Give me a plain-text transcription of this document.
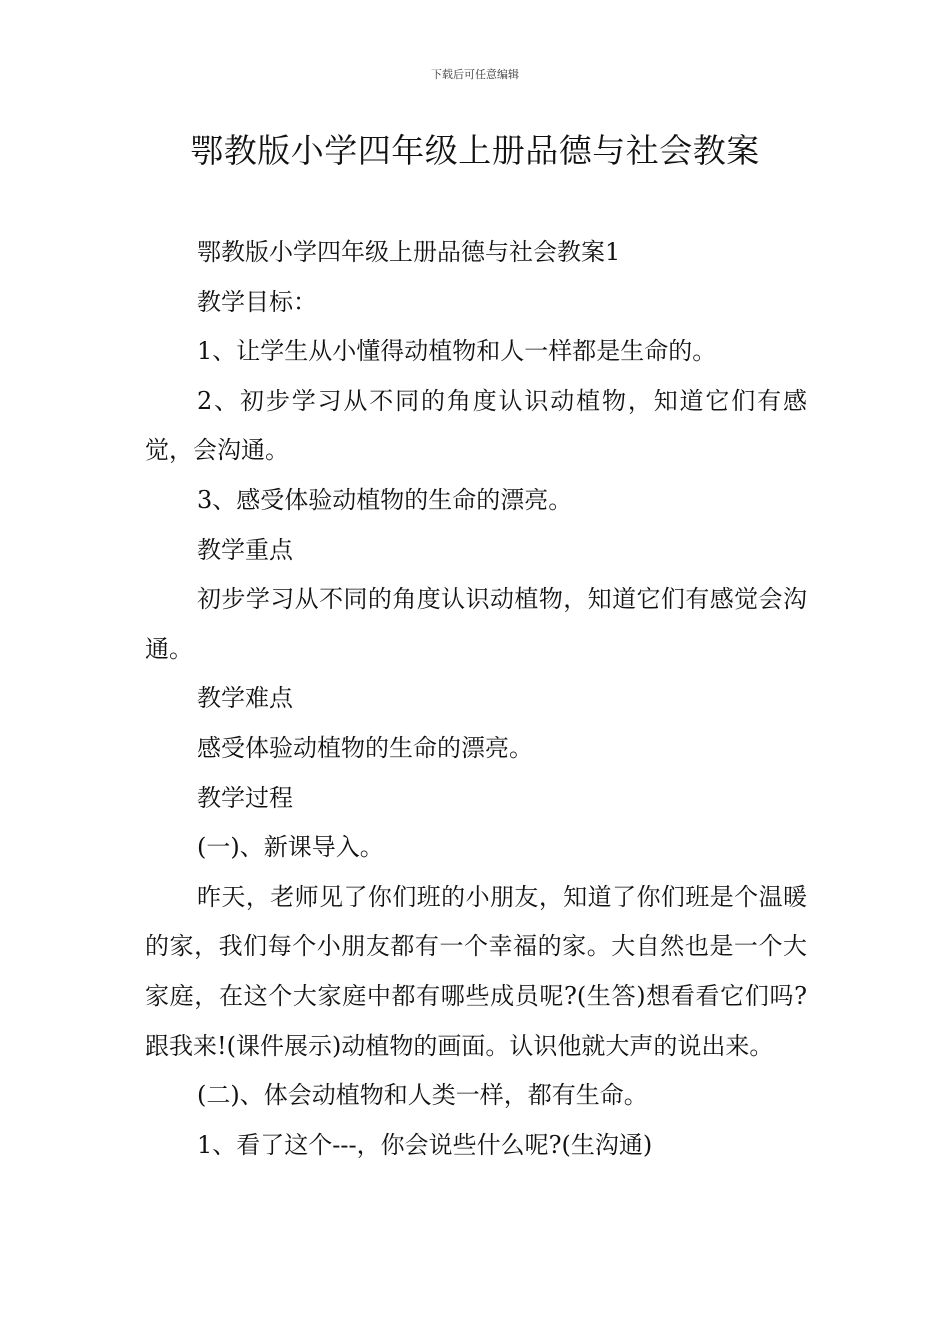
下载后可任意编辑
鄂教版小学四年级上册品德与社会教案

鄂教版小学四年级上册品德与社会教案1

教学目标：

1、让学生从小懂得动植物和人一样都是生命的。

2、初步学习从不同的角度认识动植物，知道它们有感觉，会沟通。

3、感受体验动植物的生命的漂亮。

教学重点

初步学习从不同的角度认识动植物，知道它们有感觉会沟通。

教学难点

感受体验动植物的生命的漂亮。

教学过程

(一)、新课导入。

昨天，老师见了你们班的小朋友，知道了你们班是个温暖的家，我们每个小朋友都有一个幸福的家。大自然也是一个大家庭，在这个大家庭中都有哪些成员呢?(生答)想看看它们吗?跟我来!(课件展示)动植物的画面。认识他就大声的说出来。

(二)、体会动植物和人类一样，都有生命。

1、看了这个---，你会说些什么呢?(生沟通)
